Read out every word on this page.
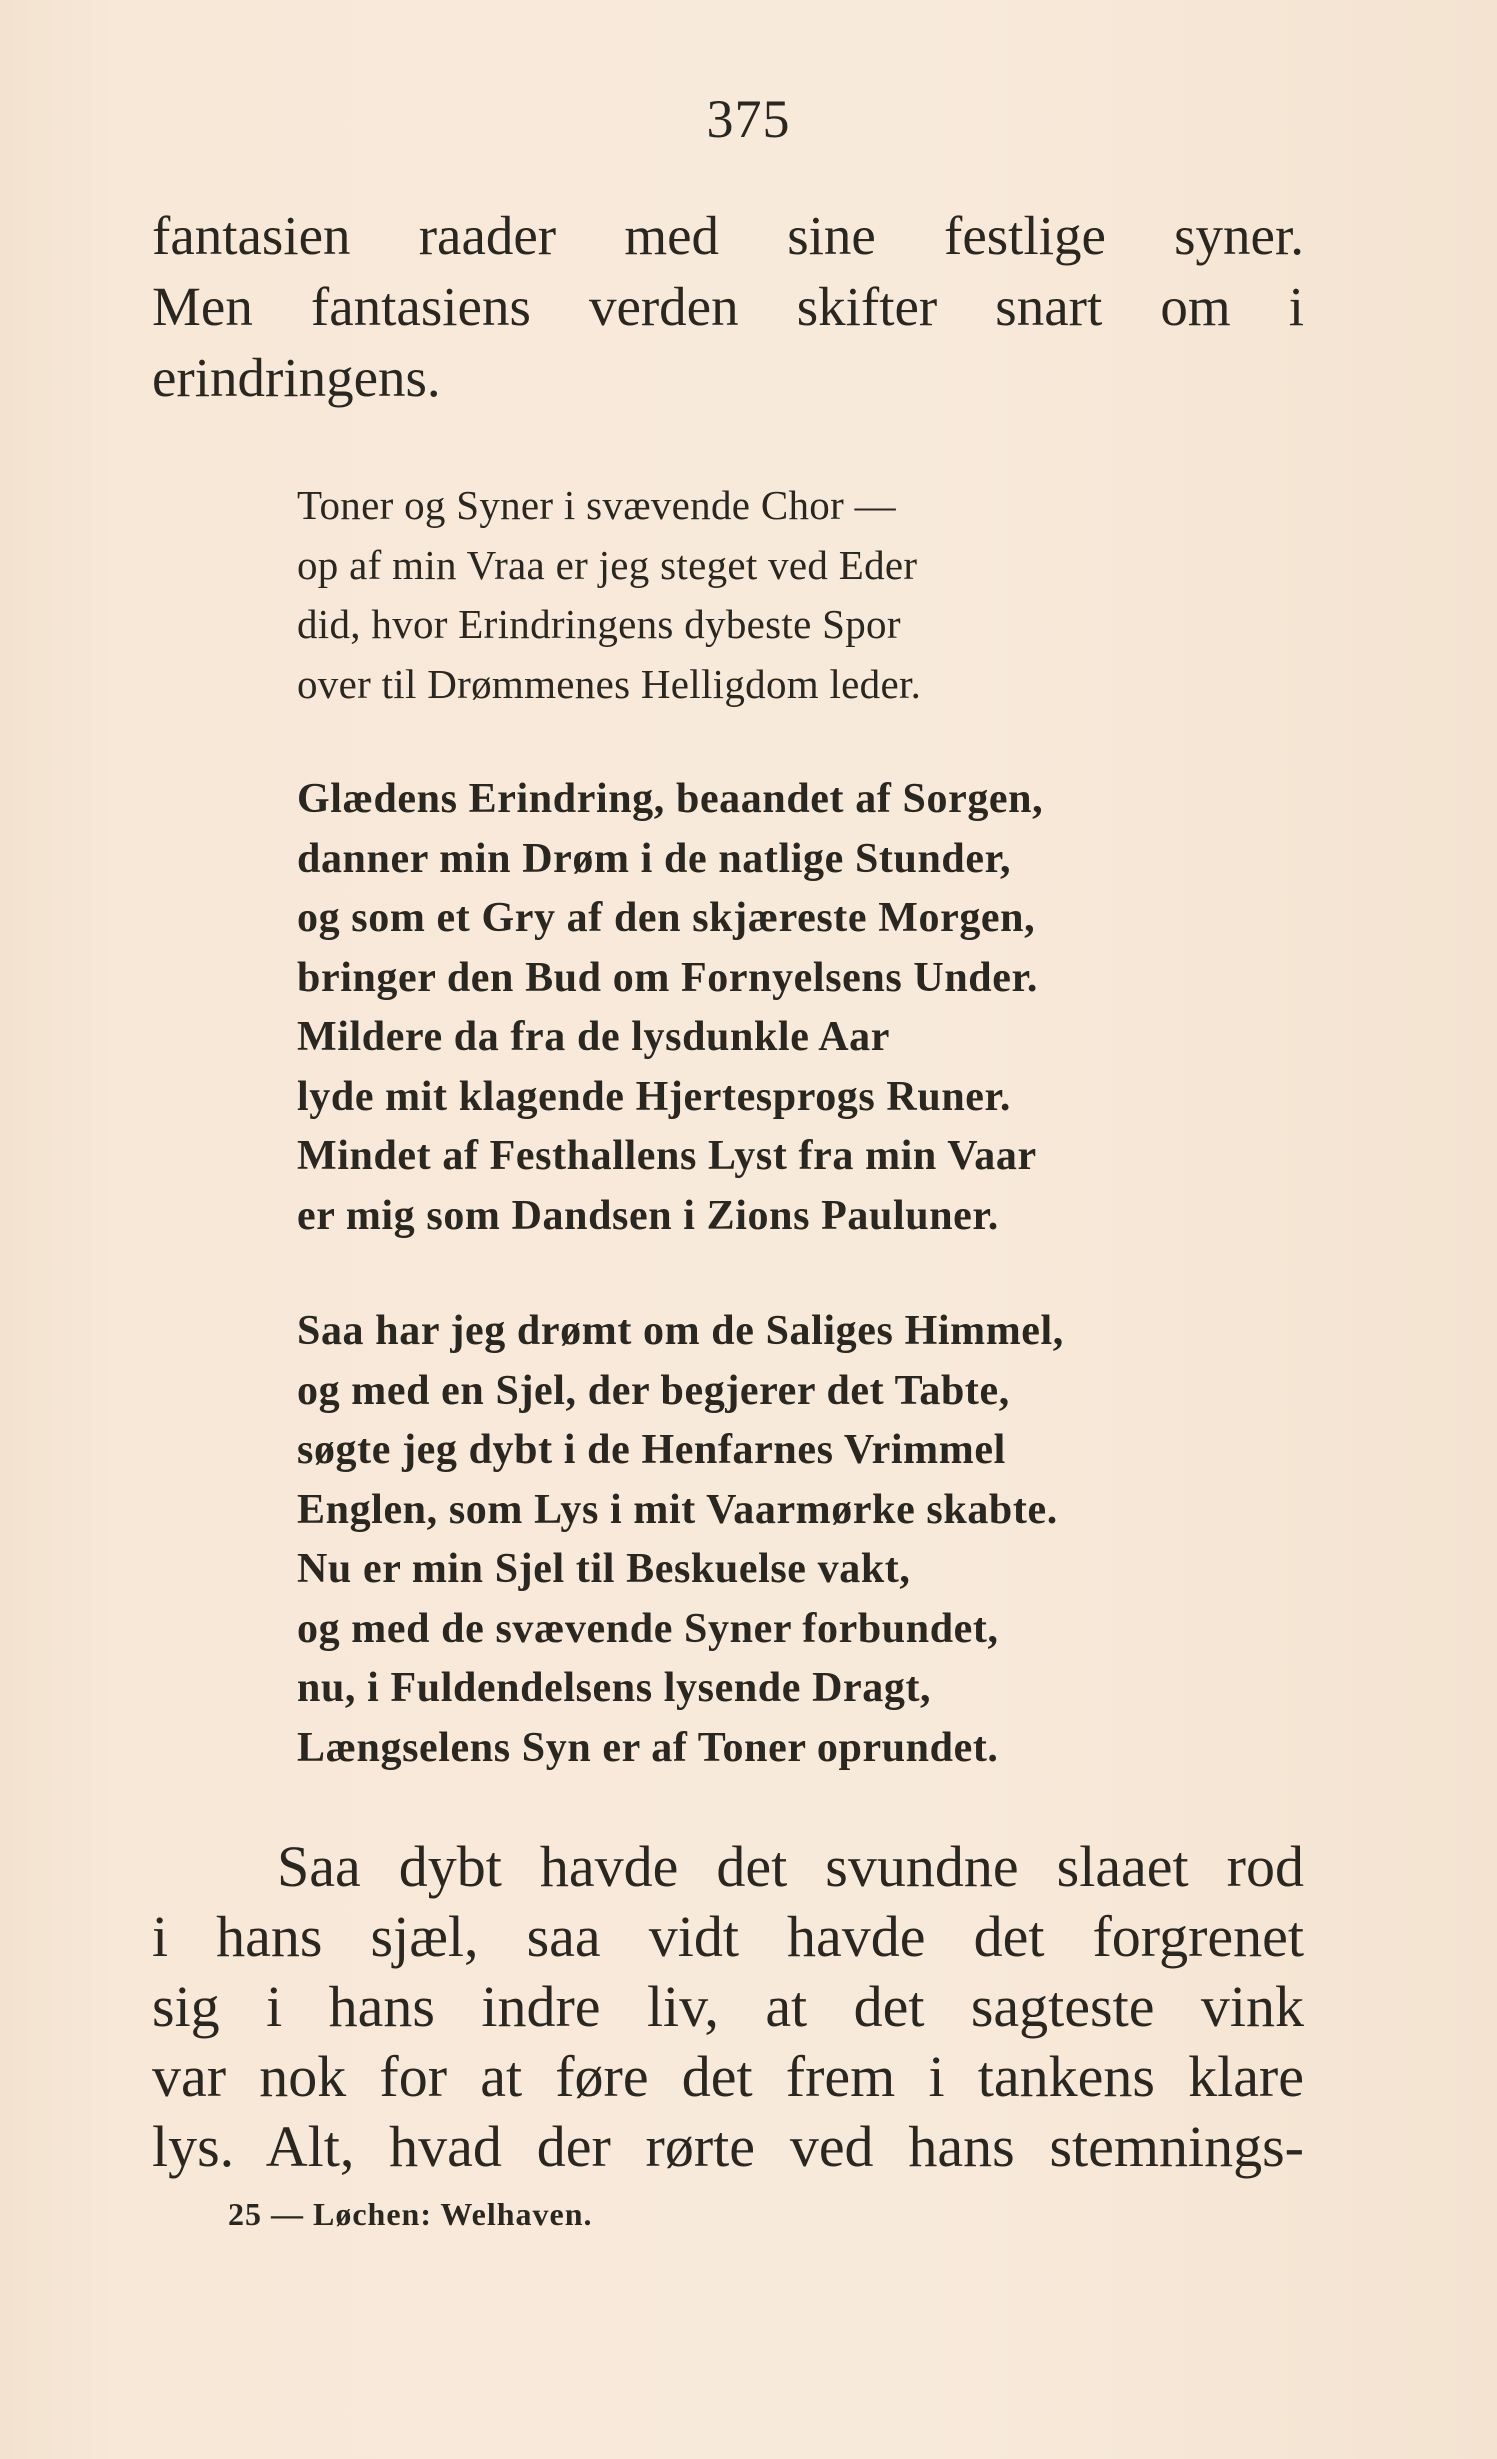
375

fantasien raader med sine festlige syner.
Men fantasiens verden skifter snart om i
erindringens.

Toner og Syner i svævende Chor —
op af min Vraa er jeg steget ved Eder
did, hvor Erindringens dybeste Spor
over til Drømmenes Helligdom leder.
Glædens Erindring, beaandet af Sorgen,
danner min Drøm i de natlige Stunder,
og som et Gry af den skjæreste Morgen,
bringer den Bud om Fornyelsens Under.
Mildere da fra de lysdunkle Aar
lyde mit klagende Hjertesprogs Runer.
Mindet af Festhallens Lyst fra min Vaar
er mig som Dandsen i Zions Pauluner.
Saa har jeg drømt om de Saliges Himmel,
og med en Sjel, der begjerer det Tabte,
søgte jeg dybt i de Henfarnes Vrimmel
Englen, som Lys i mit Vaarmørke skabte.
Nu er min Sjel til Beskuelse vakt,
og med de svævende Syner forbundet,
nu, i Fuldendelsens lysende Dragt,
Længselens Syn er af Toner oprundet.

Saa dybt havde det svundne slaaet rod
i hans sjæl, saa vidt havde det forgrenet
sig i hans indre liv, at det sagteste vink
var nok for at føre det frem i tankens klare
lys. Alt, hvad der rørte ved hans stemnings-

25 — Løchen: Welhaven.
